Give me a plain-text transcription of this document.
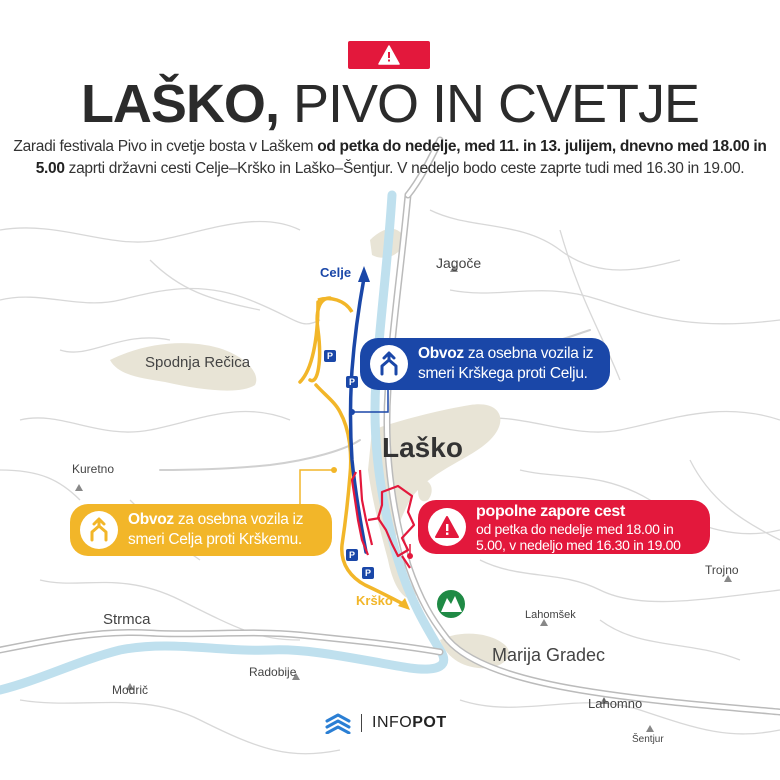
LAŠKO, PIVO IN CVETJE
Zaradi festivala Pivo in cvetje bosta v Laškem od petka do nedelje, med 11. in 13. julijem, dnevno med 18.00 in 5.00 zaprti državni cesti Celje–Krško in Laško–Šentjur. V nedeljo bodo ceste zaprte tudi med 16.30 in 19.00.
Jagoče
Spodnja Rečica
Kuretno
Laško
Strmca	Lahomšek
Marija Gradec
Radobije
Modrič
Lahomno
Šentjur
Trojno
Celje
Krško
P
P
P
P
Obvoz za osebna vozila iz smeri Krškega proti Celju.
Obvoz za osebna vozila iz smeri Celja proti Krškemu.
popolne zapore cest
od petka do nedelje med 18.00 in 5.00, v nedeljo med 16.30 in 19.00
INFOPOT
